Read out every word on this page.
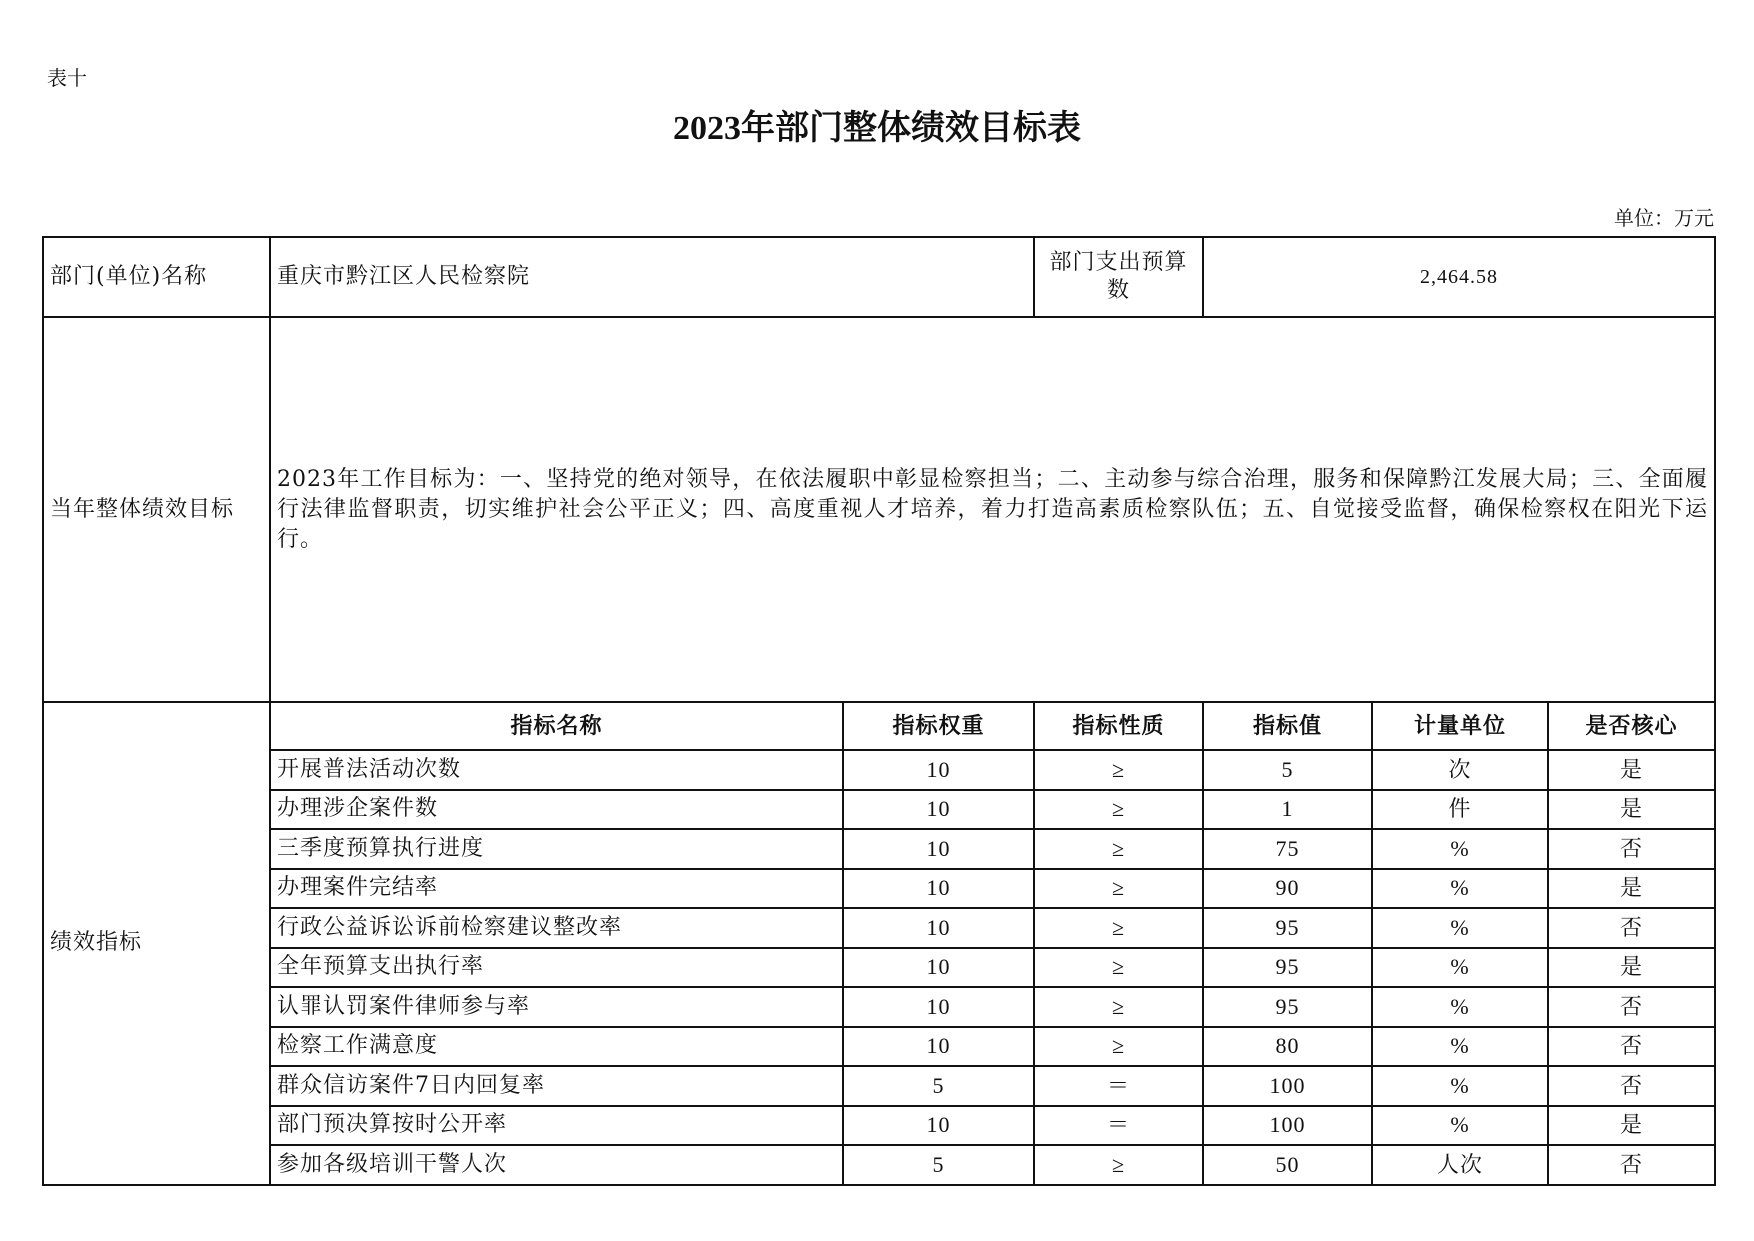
表十
2023年部门整体绩效目标表
单位：万元
部门(单位)名称	重庆市黔江区人民检察院		部门支出预算数	2,464.58		
当年整体绩效目标	2023年工作目标为：一、坚持党的绝对领导，在依法履职中彰显检察担当；二、主动参与综合治理，服务和保障黔江发展大局；三、全面履行法律监督职责，切实维护社会公平正义；四、高度重视人才培养，着力打造高素质检察队伍；五、自觉接受监督，确保检察权在阳光下运行。					
绩效指标	指标名称	指标权重	指标性质	指标值	计量单位	是否核心
	开展普法活动次数	10	≥	5	次	是
	办理涉企案件数	10	≥	1	件	是
	三季度预算执行进度	10	≥	75	%	否
	办理案件完结率	10	≥	90	%	是
	行政公益诉讼诉前检察建议整改率	10	≥	95	%	否
	全年预算支出执行率	10	≥	95	%	是
	认罪认罚案件律师参与率	10	≥	95	%	否
	检察工作满意度	10	≥	80	%	否
	群众信访案件7日内回复率	5	＝	100	%	否
	部门预决算按时公开率	10	＝	100	%	是
	参加各级培训干警人次	5	≥	50	人次	否
